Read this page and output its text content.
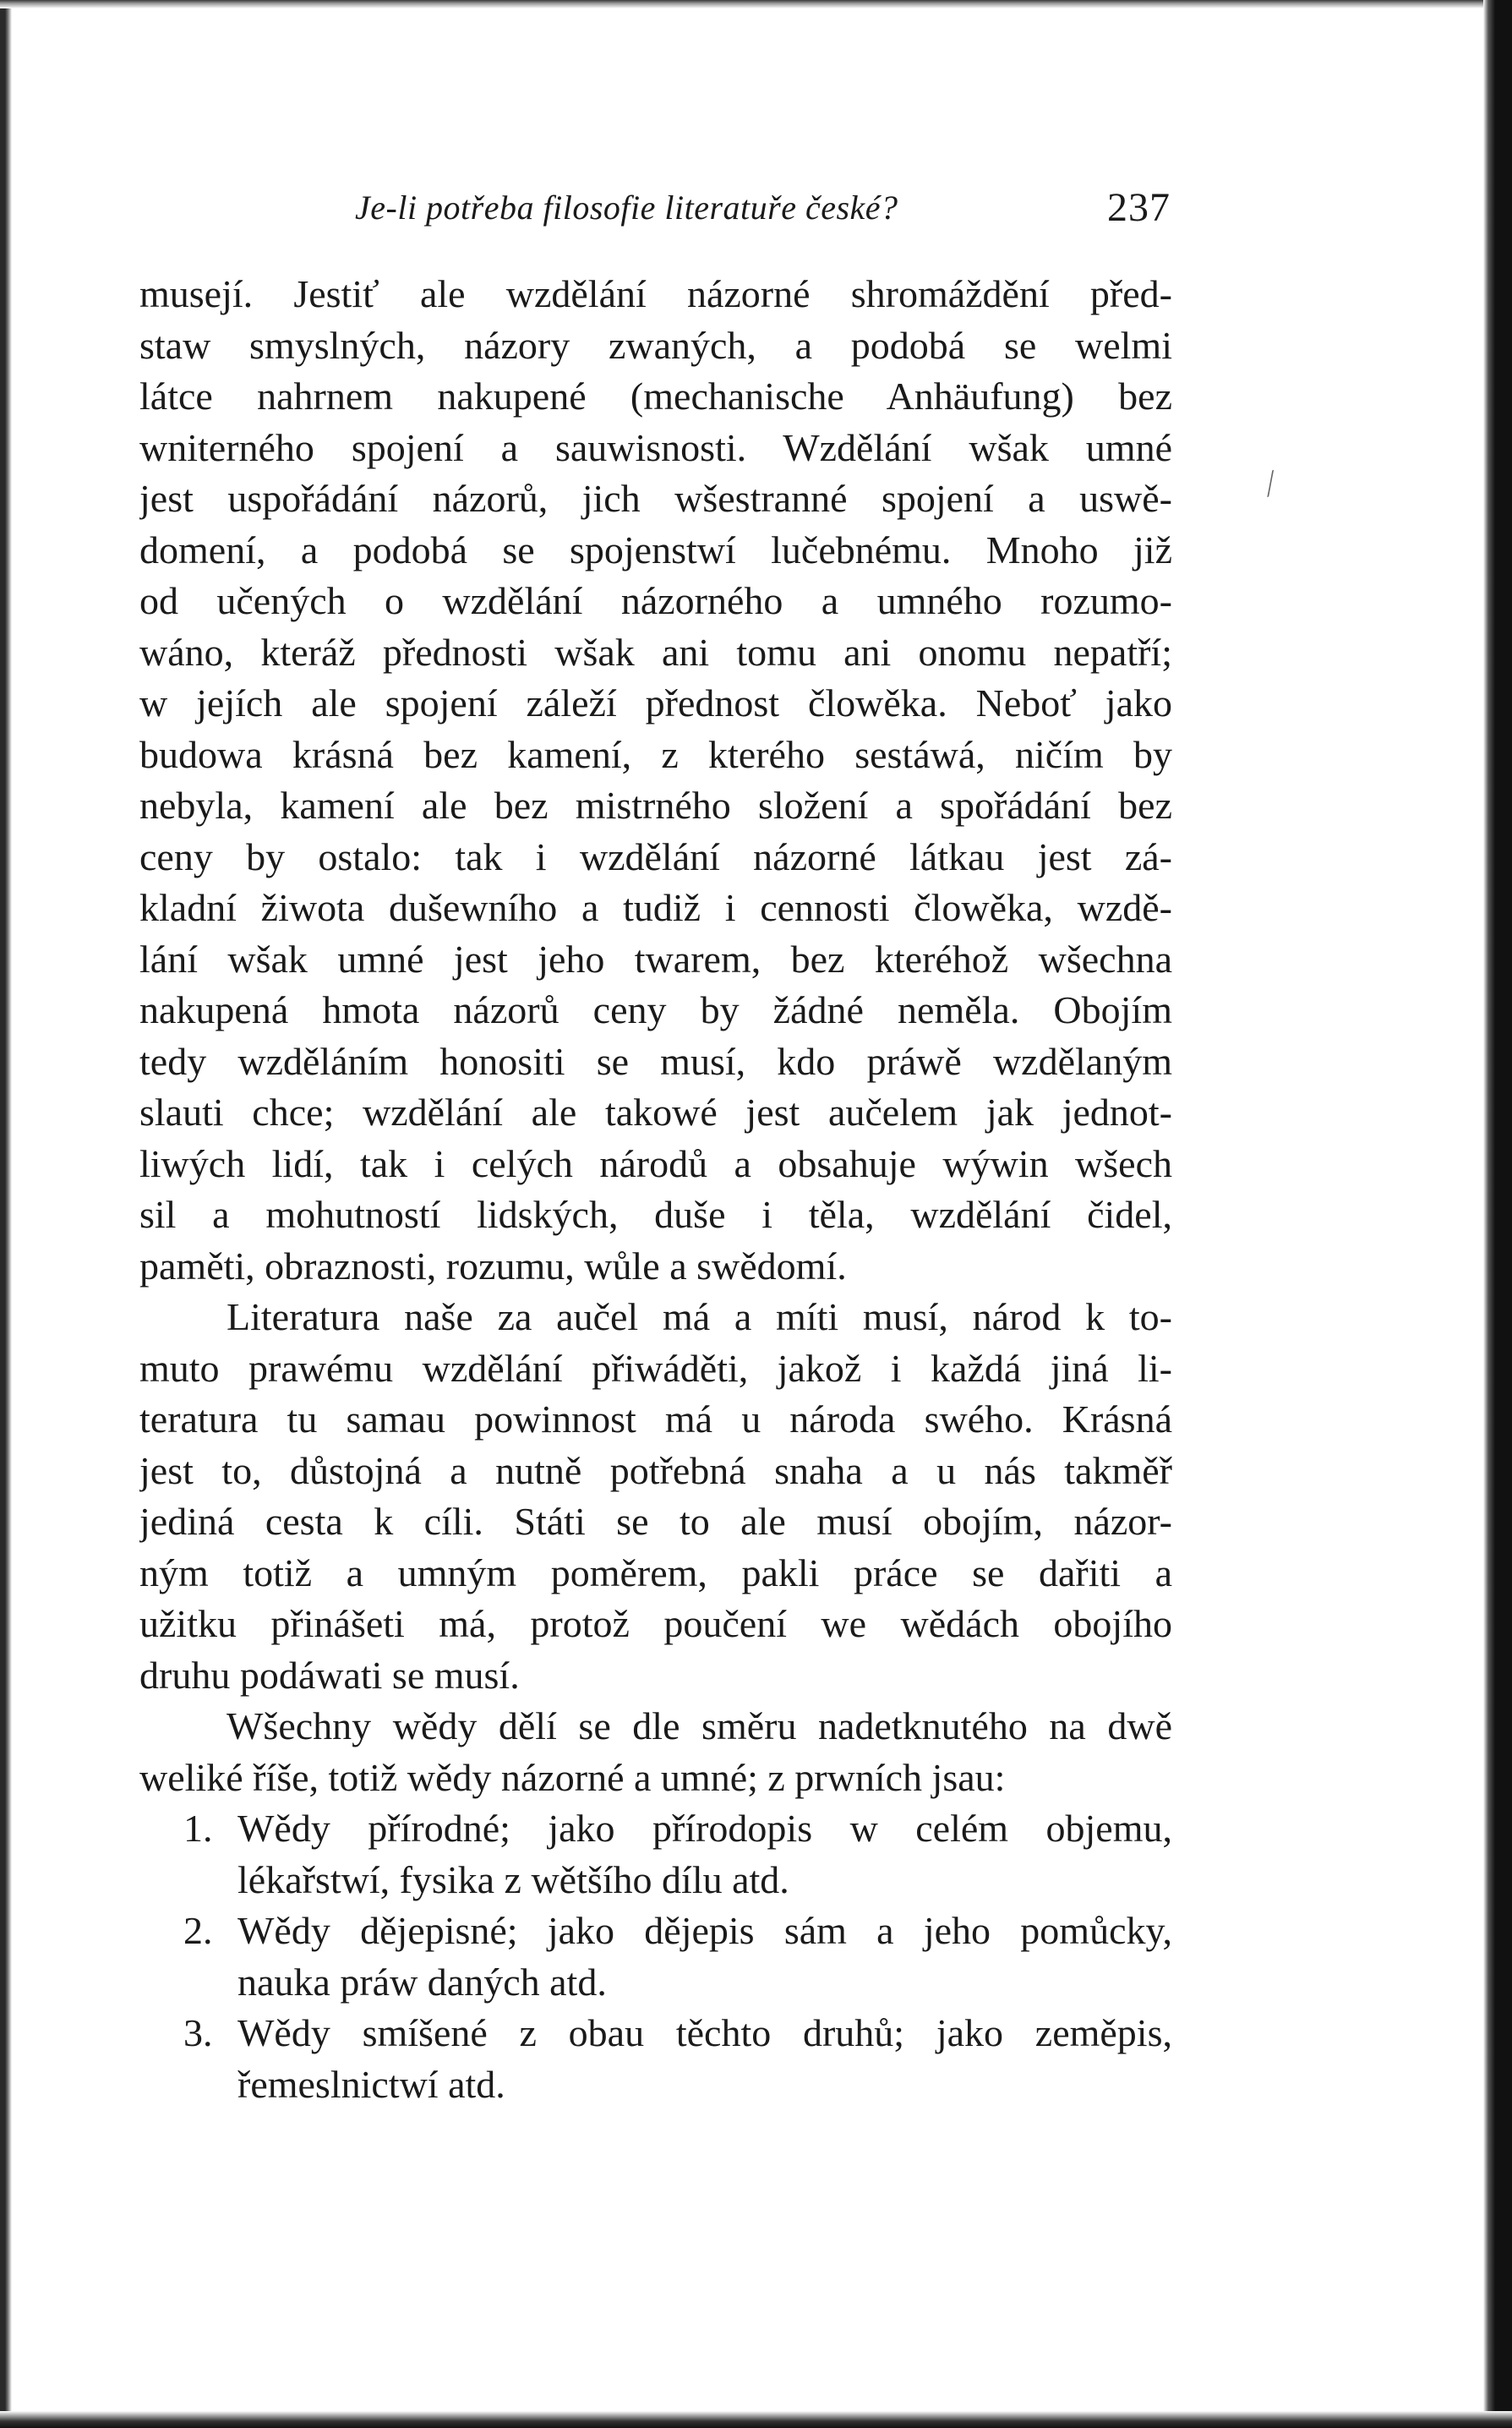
⁄
Je-li potřeba filosofie literatuře české?	237
musejí. Jestiť ale wzdělání názorné shromáždění před-
staw smyslných, názory zwaných, a podobá se welmi
látce nahrnem nakupené (mechanische Anhäufung) bez
wniterného spojení a sauwisnosti. Wzdělání wšak umné
jest uspořádání názorů, jich wšestranné spojení a uswě-
domení, a podobá se spojenstwí lučebnému. Mnoho již
od učených o wzdělání názorného a umného rozumo-
wáno, kteráž přednosti wšak ani tomu ani onomu nepatří;
w jejích ale spojení záleží přednost člowěka. Neboť jako
budowa krásná bez kamení, z kterého sestáwá, ničím by
nebyla, kamení ale bez mistrného složení a spořádání bez
ceny by ostalo: tak i wzdělání názorné látkau jest zá-
kladní žiwota dušewního a tudiž i cennosti člowěka, wzdě-
lání wšak umné jest jeho twarem, bez kteréhož wšechna
nakupená hmota názorů ceny by žádné neměla. Obojím
tedy wzděláním honositi se musí, kdo práwě wzdělaným
slauti chce; wzdělání ale takowé jest aučelem jak jednot-
liwých lidí, tak i celých národů a obsahuje wýwin wšech
sil a mohutností lidských, duše i těla, wzdělání čidel,
paměti, obraznosti, rozumu, wůle a swědomí.
Literatura naše za aučel má a míti musí, národ k to-
muto prawému wzdělání přiwáděti, jakož i každá jiná li-
teratura tu samau powinnost má u národa swého. Krásná
jest to, důstojná a nutně potřebná snaha a u nás takměř
jediná cesta k cíli. Státi se to ale musí obojím, názor-
ným totiž a umným poměrem, pakli práce se dařiti a
užitku přinášeti má, protož poučení we wědách obojího
druhu podáwati se musí.
Wšechny wědy dělí se dle směru nadetknutého na dwě
weliké říše, totiž wědy názorné a umné; z prwních jsau:
1. Wědy přírodné; jako přírodopis w celém objemu,
lékařstwí, fysika z wětšího dílu atd.
2. Wědy dějepisné; jako dějepis sám a jeho pomůcky,
nauka práw daných atd.
3. Wědy smíšené z obau těchto druhů; jako zeměpis,
řemeslnictwí atd.
